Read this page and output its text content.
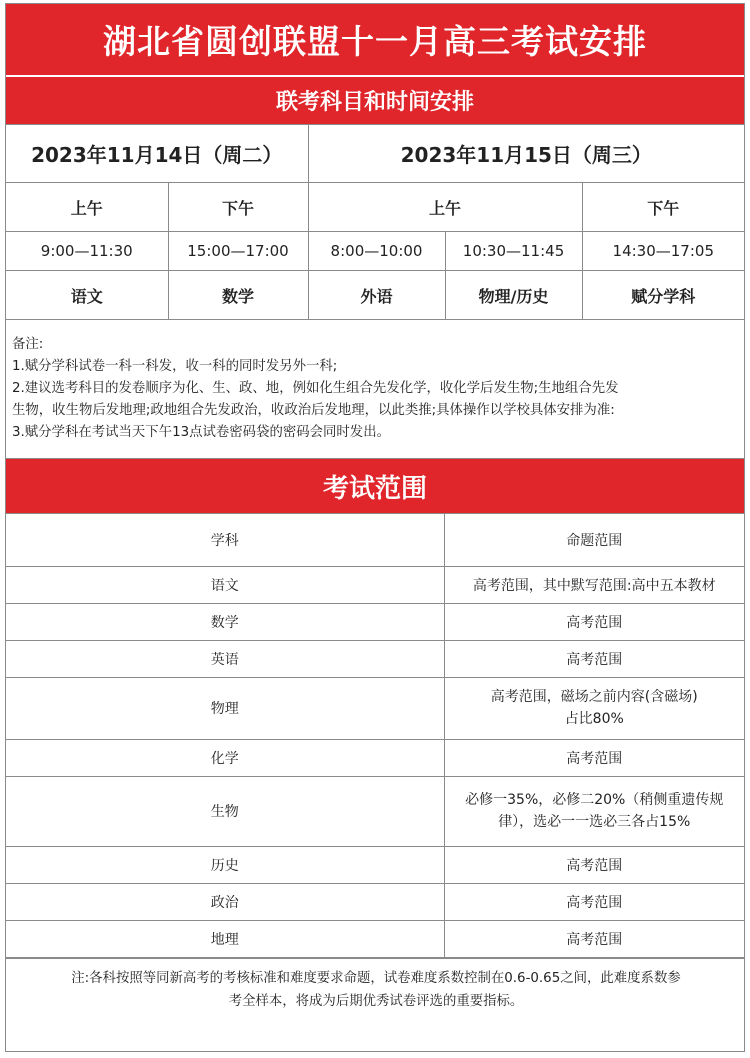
湖北省圆创联盟十一月高三考试安排
联考科目和时间安排
2023年11月14日（周二）		2023年11月15日（周三）		
上午	下午	上午		下午
9:00—11:30	15:00—17:00	8:00—10:00	10:30—11:45	14:30—17:05
语文	数学	外语	物理/历史	赋分学科
备注:
1.赋分学科试卷一科一科发，收一科的同时发另外一科;
2.建议选考科目的发卷顺序为化、生、政、地，例如化生组合先发化学，收化学后发生物;生地组合先发
生物，收生物后发地理;政地组合先发政治，收政治后发地理，以此类推;具体操作以学校具体安排为准:
3.赋分学科在考试当天下午13点试卷密码袋的密码会同时发出。
考试范围
学科	命题范围
语文	高考范围，其中默写范围:高中五本教材
数学	高考范围
英语	高考范围
物理	高考范围，磁场之前内容(含磁场)
占比80%

化学	高考范围
生物	必修一35%，必修二20%（稍侧重遗传规
律），选必一一选必三各占15%

历史	高考范围
政治	高考范围
地理	高考范围
注:各科按照等同新高考的考核标准和难度要求命题，试卷难度系数控制在0.6-0.65之间，此难度系数参
考全样本，将成为后期优秀试卷评选的重要指标。
